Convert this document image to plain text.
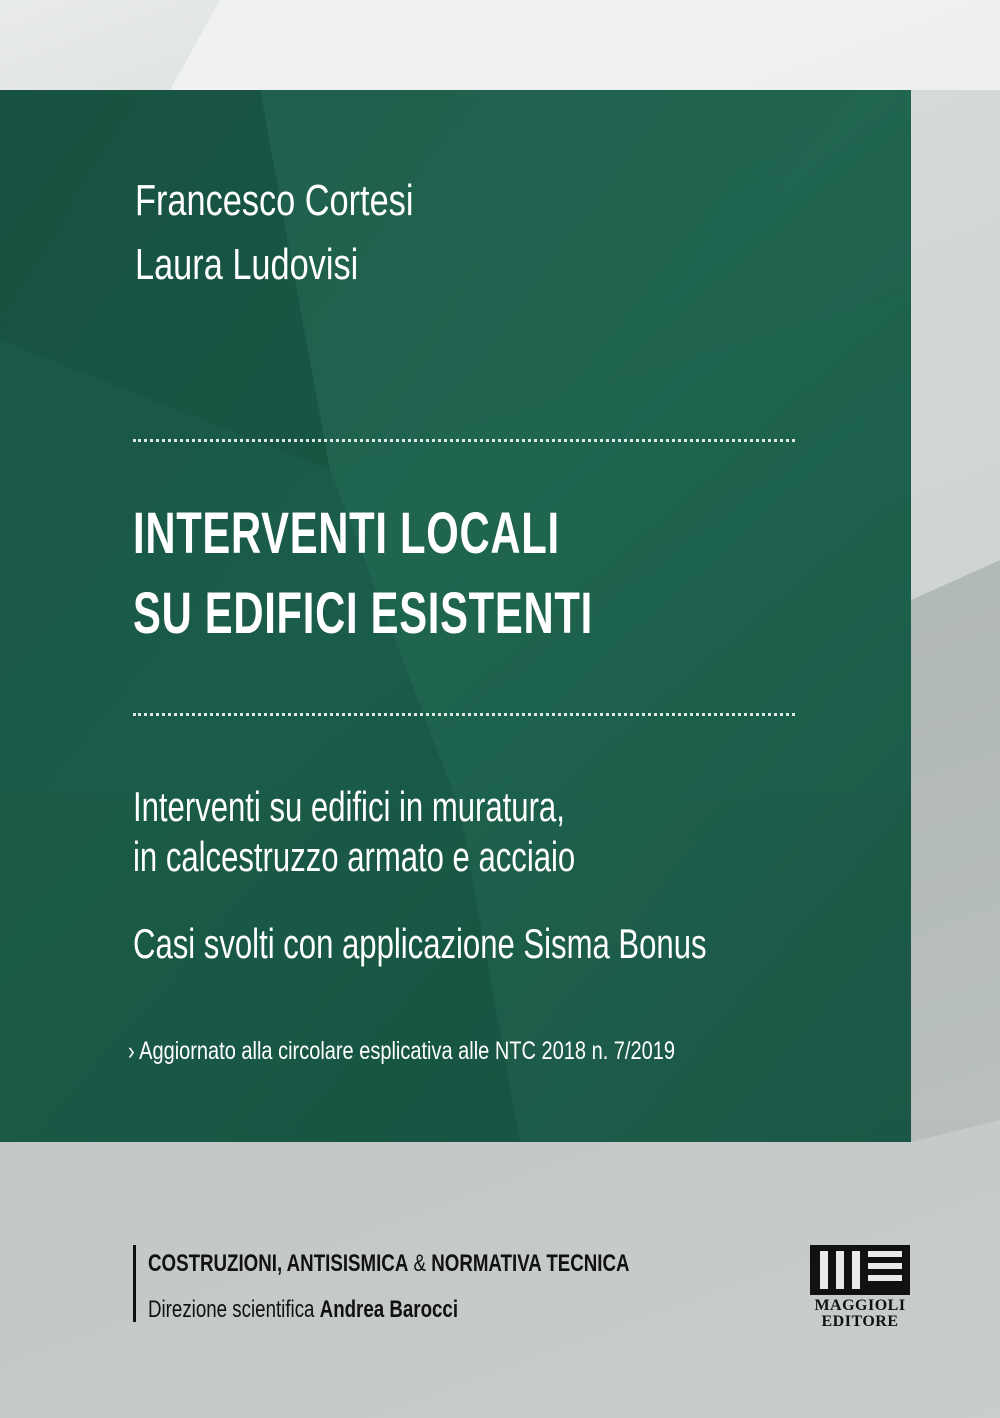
Francesco Cortesi
Laura Ludovisi
INTERVENTI LOCALI
SU EDIFICI ESISTENTI
Interventi su edifici in muratura,
in calcestruzzo armato e acciaio
Casi svolti con applicazione Sisma Bonus
› Aggiornato alla circolare esplicativa alle NTC 2018 n. 7/2019
COSTRUZIONI, ANTISISMICA & NORMATIVA TECNICA
Direzione scientifica Andrea Barocci	MAGGIOLI
EDITORE
